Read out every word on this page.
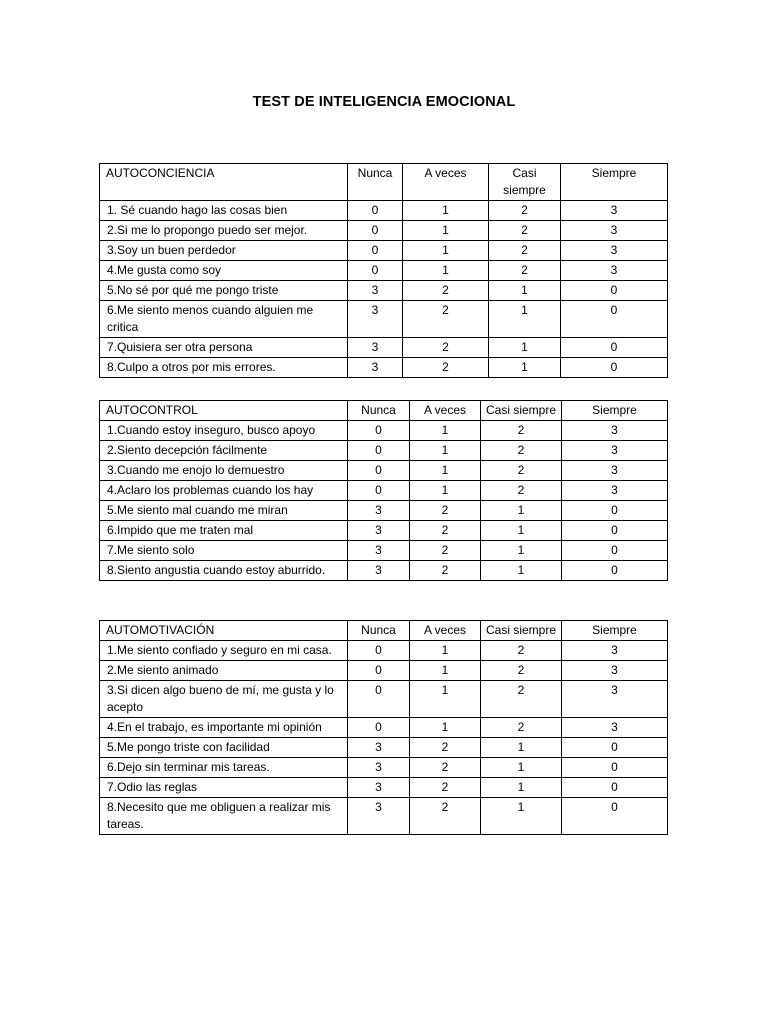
TEST DE INTELIGENCIA EMOCIONAL
AUTOCONCIENCIA	Nunca	A veces	Casi siempre	Siempre
1. Sé cuando hago las cosas bien	0	1	2	3
2.Si me lo propongo puedo ser mejor.	0	1	2	3
3.Soy un buen perdedor	0	1	2	3
4.Me gusta como soy	0	1	2	3
5.No sé por qué me pongo triste	3	2	1	0
6.Me siento menos cuando alguien me critica	3	2	1	0
7.Quisiera ser otra persona	3	2	1	0
8.Culpo a otros por mis errores.	3	2	1	0
AUTOCONTROL	Nunca	A veces	Casi siempre	Siempre
1.Cuando estoy inseguro, busco apoyo	0	1	2	3
2.Siento decepción fácilmente	0	1	2	3
3.Cuando me enojo lo demuestro	0	1	2	3
4.Aclaro los problemas cuando los hay	0	1	2	3
5.Me siento mal cuando me miran	3	2	1	0
6.Impido que me traten mal	3	2	1	0
7.Me siento solo	3	2	1	0
8.Siento angustia cuando estoy aburrido.	3	2	1	0
AUTOMOTIVACIÓN	Nunca	A veces	Casi siempre	Siempre
1.Me siento confiado y seguro en mi casa.	0	1	2	3
2.Me siento animado	0	1	2	3
3.Si dicen algo bueno de mí, me gusta y lo acepto	0	1	2	3
4.En el trabajo, es importante mi opinión	0	1	2	3
5.Me pongo triste con facilidad	3	2	1	0
6.Dejo sin terminar mis tareas.	3	2	1	0
7.Odio las reglas	3	2	1	0
8.Necesito que me obliguen a realizar mis tareas.	3	2	1	0
